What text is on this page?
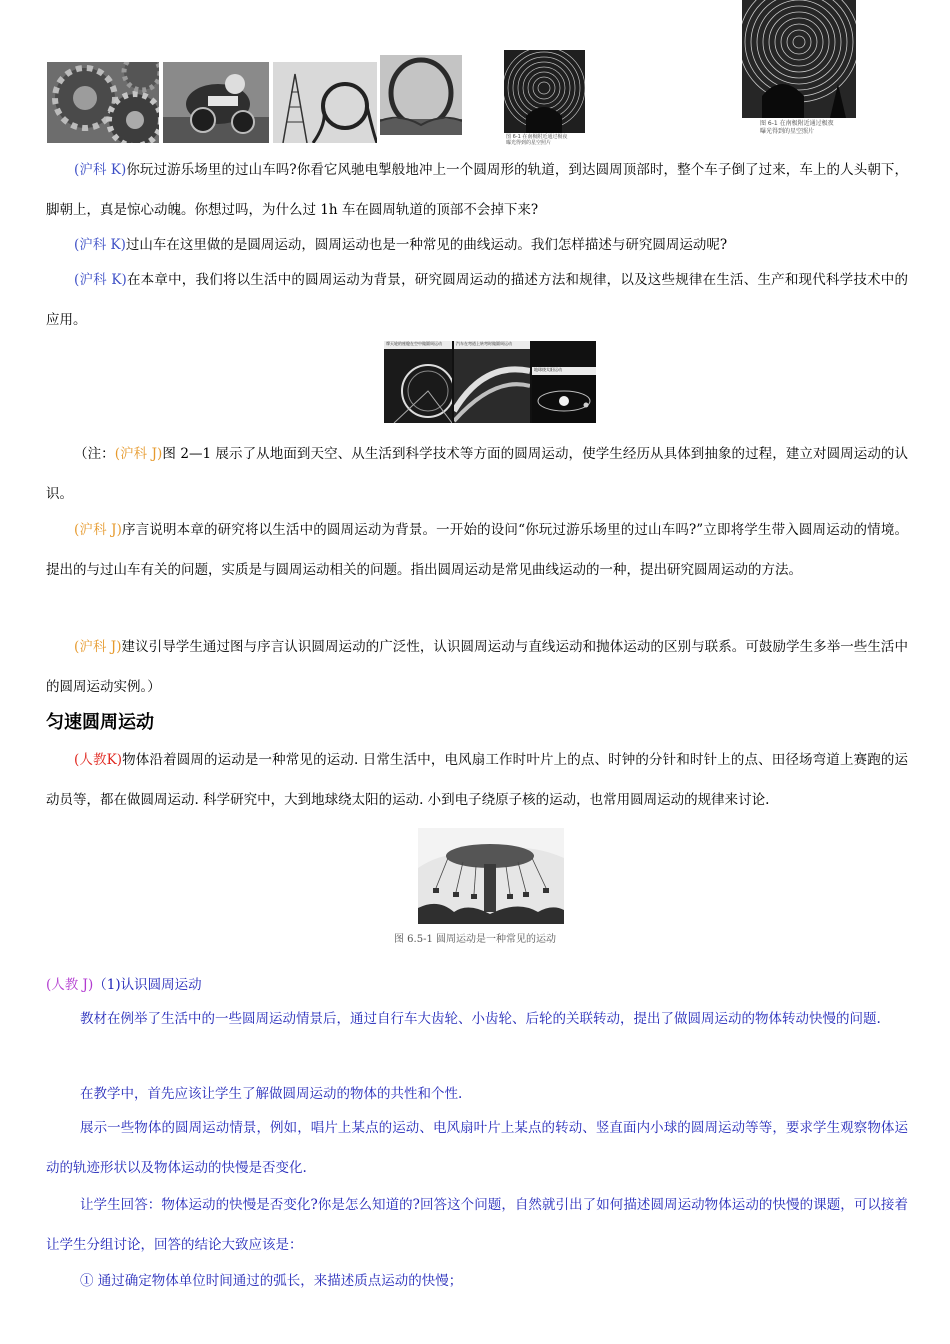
图 6-1 在南极附近通过极夜
曝光得到的星空照片
图 6-1 在南极附近通过极夜
曝光得到的星空照片

(沪科 K)你玩过游乐场里的过山车吗?你看它风驰电掣般地冲上一个圆周形的轨道，到达圆周顶部时，整个车子倒了过来，车上的人头朝下，脚朝上，真是惊心动魄。你想过吗，为什么过 1h 车在圆周轨道的顶部不会掉下来?

(沪科 K)过山车在这里做的是圆周运动，圆周运动也是一种常见的曲线运动。我们怎样描述与研究圆周运动呢?

(沪科 K)在本章中，我们将以生活中的圆周运动为背景，研究圆周运动的描述方法和规律，以及这些规律在生活、生产和现代科学技术中的应用。

摩天轮的座舱在空中做圆周运动	汽车在弯道上转弯时做圆周运动
地球绕太阳运动

（注：(沪科 J)图 2—1 展示了从地面到天空、从生活到科学技术等方面的圆周运动，使学生经历从具体到抽象的过程，建立对圆周运动的认识。

(沪科 J)序言说明本章的研究将以生活中的圆周运动为背景。一开始的设问“你玩过游乐场里的过山车吗?”立即将学生带入圆周运动的情境。 提出的与过山车有关的问题，实质是与圆周运动相关的问题。指出圆周运动是常见曲线运动的一种，提出研究圆周运动的方法。

(沪科 J)建议引导学生通过图与序言认识圆周运动的广泛性，认识圆周运动与直线运动和抛体运动的区别与联系。可鼓励学生多举一些生活中的圆周运动实例。）

匀速圆周运动

(人教K)物体沿着圆周的运动是一种常见的运动. 日常生活中，电风扇工作时叶片上的点、时钟的分针和时针上的点、田径场弯道上赛跑的运动员等，都在做圆周运动. 科学研究中，大到地球绕太阳的运动. 小到电子绕原子核的运动，也常用圆周运动的规律来讨论.

图 6.5-1 圆周运动是一种常见的运动

(人教 J)（1)认识圆周运动

教材在例举了生活中的一些圆周运动情景后，通过自行车大齿轮、小齿轮、后轮的关联转动，提出了做圆周运动的物体转动快慢的问题.

在教学中，首先应该让学生了解做圆周运动的物体的共性和个性.

展示一些物体的圆周运动情景，例如，唱片上某点的运动、电风扇叶片上某点的转动、竖直面内小球的圆周运动等等，要求学生观察物体运动的轨迹形状以及物体运动的快慢是否变化.

让学生回答：物体运动的快慢是否变化?你是怎么知道的?回答这个问题，自然就引出了如何描述圆周运动物体运动的快慢的课题，可以接着让学生分组讨论，回答的结论大致应该是：

① 通过确定物体单位时间通过的弧长，来描述质点运动的快慢；
